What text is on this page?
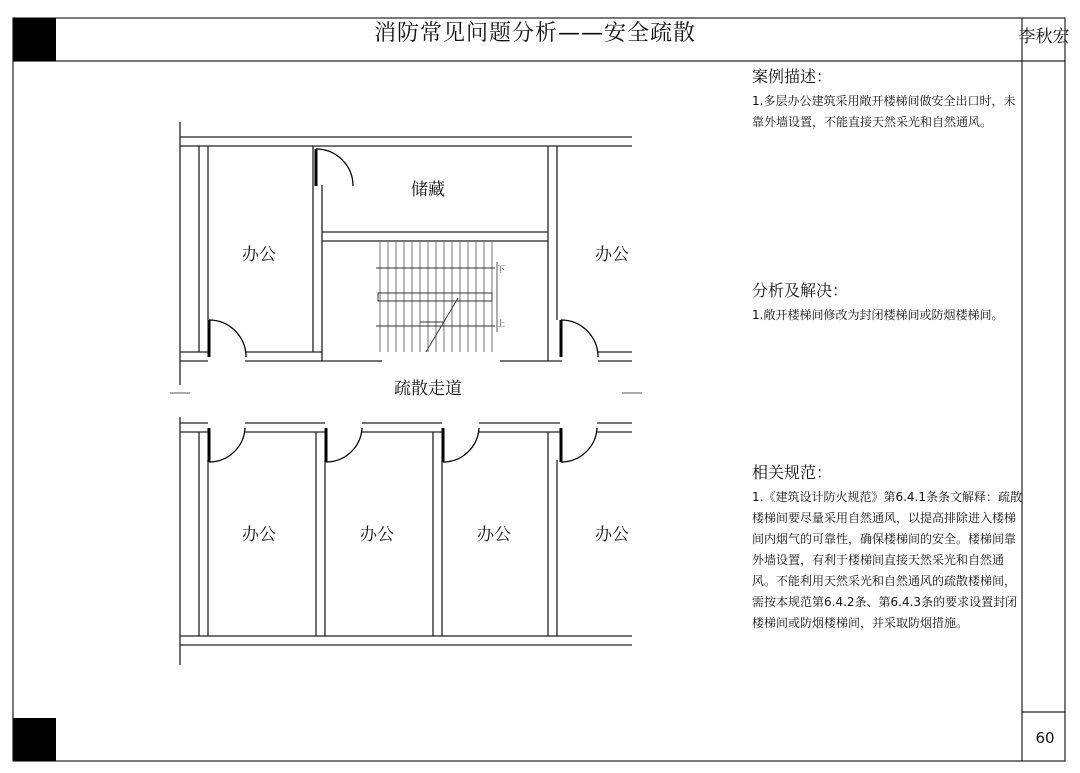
消防常见问题分析——安全疏散	李秋宏
60
下
上
储藏
办公	办公
疏散走道
办公	办公	办公	办公
案例描述：

1.多层办公建筑采用敞开楼梯间做安全出口时，未靠外墙设置，不能直接天然采光和自然通风。

分析及解决：

1.敞开楼梯间修改为封闭楼梯间或防烟楼梯间。

相关规范：

1.《建筑设计防火规范》第6.4.1条条文解释：疏散楼梯间要尽量采用自然通风，以提高排除进入楼梯间内烟气的可靠性，确保楼梯间的安全。楼梯间靠外墙设置，有利于楼梯间直接天然采光和自然通风。不能利用天然采光和自然通风的疏散楼梯间，需按本规范第6.4.2条、第6.4.3条的要求设置封闭楼梯间或防烟楼梯间，并采取防烟措施。
